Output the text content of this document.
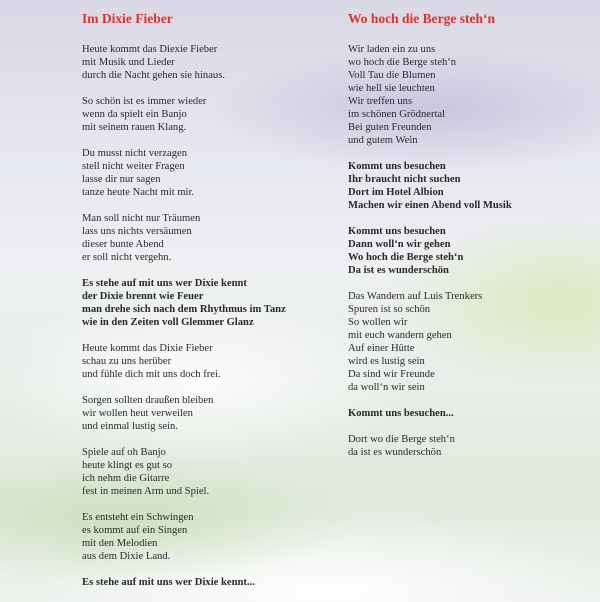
Im Dixie Fieber
Heute kommt das Diexie Fieber
mit Musik und Lieder
durch die Nacht gehen sie hinaus.
So schön ist es immer wieder
wenn da spielt ein Banjo
mit seinem rauen Klang.
Du musst nicht verzagen
stell nicht weiter Fragen
lasse dir nur sagen
tanze heute Nacht mit mir.
Man soll nicht nur Träumen
lass uns nichts versäumen
dieser bunte Abend
er soll nicht vergehn.
Es stehe auf mit uns wer Dixie kennt
der Dixie brennt wie Feuer
man drehe sich nach dem Rhythmus im Tanz
wie in den Zeiten voll Glemmer Glanz
Heute kommt das Dixie Fieber
schau zu uns herüber
und fühle dich mit uns doch frei.
Sorgen sollten draußen bleiben
wir wollen heut verweilen
und einmal lustig sein.
Spiele auf oh Banjo
heute klingt es gut so
ich nehm die Gitarre
fest in meinen Arm und Spiel.
Es entsteht ein Schwingen
es kommt auf ein Singen
mit den Melodien
aus dem Dixie Land.
Es stehe auf mit uns wer Dixie kennt...
Wo hoch die Berge steh‘n
Wir laden ein zu uns
wo hoch die Berge steh‘n
Voll Tau die Blumen
wie hell sie leuchten
Wir treffen uns
im schönen Grödnertal
Bei guten Freunden
und gutem Wein
Kommt uns besuchen
Ihr braucht nicht suchen
Dort im Hotel Albion
Machen wir einen Abend voll Musik
Kommt uns besuchen
Dann woll‘n wir gehen
Wo hoch die Berge steh‘n
Da ist es wunderschön
Das Wandern auf Luis Trenkers
Spuren ist so schön
So wollen wir
mit euch wandern gehen
Auf einer Hütte
wird es lustig sein
Da sind wir Freunde
da woll‘n wir sein
Kommt uns besuchen...
Dort wo die Berge steh‘n
da ist es wunderschön
